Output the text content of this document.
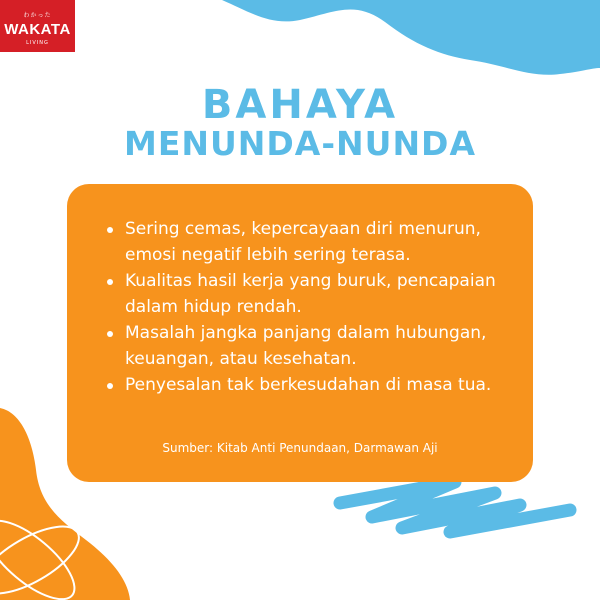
わかった
WAKATA
LIVING
BAHAYA
MENUNDA-NUNDA
Sering cemas, kepercayaan diri menurun, emosi negatif lebih sering terasa.
Kualitas hasil kerja yang buruk, pencapaian dalam hidup rendah.
Masalah jangka panjang dalam hubungan, keuangan, atau kesehatan.
Penyesalan tak berkesudahan di masa tua.
Sumber: Kitab Anti Penundaan, Darmawan Aji
